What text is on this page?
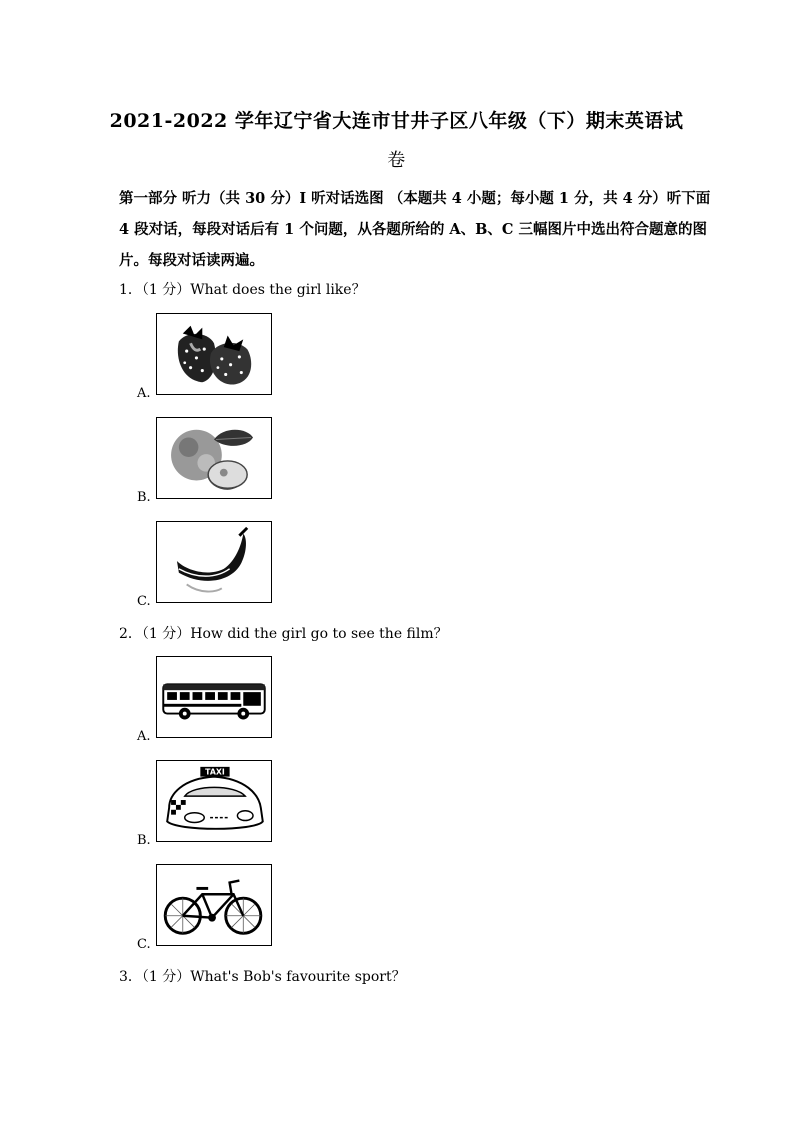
2021-2022 学年辽宁省大连市甘井子区八年级（下）期末英语试
卷

第一部分 听力（共 30 分）Ⅰ 听对话选图 （本题共 4 小题；每小题 1 分，共 4 分）听下面

4 段对话，每段对话后有 1 个问题，从各题所给的 A、B、C 三幅图片中选出符合题意的图

片。每段对话读两遍。

1．（1 分）What does the girl like？
A.
B.
C.
2．（1 分）How did the girl go to see the film？
A.
TAXI
B.
C.
3．（1 分）What's Bob's favourite sport？
